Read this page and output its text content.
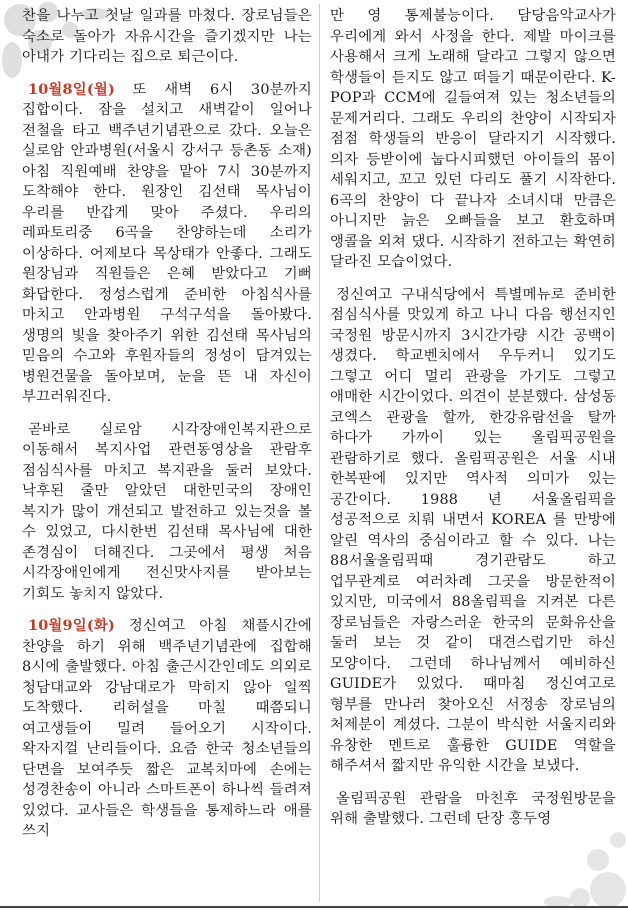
찬을 나누고 첫날 일과를 마쳤다. 장로님들은 숙소로 돌아가 자유시간을 즐기겠지만 나는 아내가 기다리는 집으로 퇴근이다.

10월8일(월) 또 새벽 6시 30분까지 집합이다. 잠을 설치고 새벽같이 일어나 전철을 타고 백주년기념관으로 갔다. 오늘은 실로암 안과병원(서울시 강서구 등촌동 소재) 아침 직원예배 찬양을 맡아 7시 30분까지 도착해야 한다. 원장인 김선태 목사님이 우리를 반갑게 맞아 주셨다. 우리의 레파토리중 6곡을 찬양하는데 소리가 이상하다. 어제보다 목상태가 안좋다. 그래도 원장님과 직원들은 은혜 받았다고 기뻐 화답한다. 정성스럽게 준비한 아침식사를 마치고 안과병원 구석구석을 돌아봤다. 생명의 빛을 찾아주기 위한 김선태 목사님의 믿음의 수고와 후원자들의 정성이 담겨있는 병원건물을 돌아보며, 눈을 뜬 내 자신이 부끄러워진다.

곧바로 실로암 시각장애인복지관으로 이동해서 복지사업 관련동영상을 관람후 점심식사를 마치고 복지관을 둘러 보았다. 낙후된 줄만 알았던 대한민국의 장애인 복지가 많이 개선되고 발전하고 있는것을 볼 수 있었고, 다시한번 김선태 목사님에 대한 존경심이 더해진다. 그곳에서 평생 처음 시각장애인에게 전신맛사지를 받아보는 기회도 놓치지 않았다.

10월9일(화) 정신여고 아침 채플시간에 찬양을 하기 위해 백주년기념관에 집합해 8시에 출발했다. 아침 출근시간인데도 의외로 청담대교와 강남대로가 막히지 않아 일찍 도착했다. 리허설을 마칠 때쯤되니 여고생들이 밀려 들어오기 시작이다. 왁자지껄 난리들이다. 요즘 한국 청소년들의 단면을 보여주듯 짧은 교복치마에 손에는 성경찬송이 아니라 스마트폰이 하나씩 들려져 있었다. 교사들은 학생들을 통제하느라 애를 쓰지

만 영 통제불능이다. 담당음악교사가 우리에게 와서 사정을 한다. 제발 마이크를 사용해서 크게 노래해 달라고 그렇지 않으면 학생들이 듣지도 않고 떠들기 때문이란다. K-POP과 CCM에 길들여져 있는 청소년들의 문제거리다. 그래도 우리의 찬양이 시작되자 점점 학생들의 반응이 달라지기 시작했다. 의자 등받이에 눕다시피했던 아이들의 몸이 세워지고, 꼬고 있던 다리도 풀기 시작한다. 6곡의 찬양이 다 끝나자 소녀시대 만큼은 아니지만 늙은 오빠들을 보고 환호하며 앵콜을 외쳐 댔다. 시작하기 전하고는 확연히 달라진 모습이었다.

정신여고 구내식당에서 특별메뉴로 준비한 점심식사를 맛있게 하고 나니 다음 행선지인 국정원 방문시까지 3시간가량 시간 공백이 생겼다. 학교벤치에서 우두커니 있기도 그렇고 어디 멀리 관광을 가기도 그렇고 애매한 시간이었다. 의견이 분분했다. 삼성동 코엑스 관광을 할까, 한강유람선을 탈까 하다가 가까이 있는 올림픽공원을 관람하기로 했다. 올림픽공원은 서울 시내 한복판에 있지만 역사적 의미가 있는 공간이다. 1988 년 서울올림픽을 성공적으로 치뤄 내면서 KOREA 를 만방에 알린 역사의 중심이라고 할 수 있다. 나는 88서울올림픽때 경기관람도 하고 업무관계로 여러차례 그곳을 방문한적이 있지만, 미국에서 88올림픽을 지켜본 다른 장로님들은 자랑스러운 한국의 문화유산을 둘러 보는 것 같이 대견스럽기만 하신 모양이다. 그런데 하나님께서 예비하신 GUIDE가 있었다. 때마침 정신여고로 형부를 만나러 찾아오신 서정송 장로님의 처제분이 계셨다. 그분이 박식한 서울지리와 유창한 멘트로 훌륭한 GUIDE 역할을 해주셔서 짧지만 유익한 시간을 보냈다.

올림픽공원 관람을 마친후 국정원방문을 위해 출발했다. 그런데 단장 홍두영
